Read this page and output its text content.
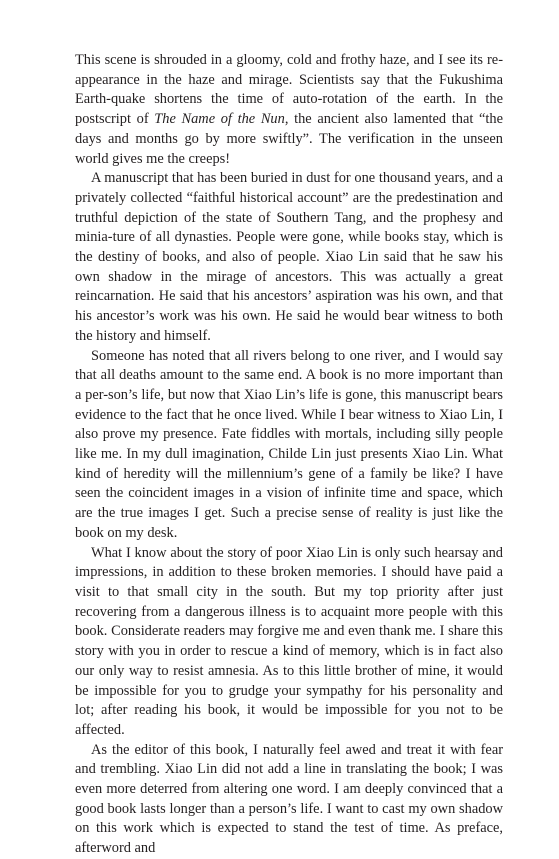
This scene is shrouded in a gloomy, cold and frothy haze, and I see its re-appearance in the haze and mirage. Scientists say that the Fukushima Earth-quake shortens the time of auto-rotation of the earth. In the postscript of The Name of the Nun, the ancient also lamented that “the days and months go by more swiftly”. The verification in the unseen world gives me the creeps!

A manuscript that has been buried in dust for one thousand years, and a privately collected “faithful historical account” are the predestination and truthful depiction of the state of Southern Tang, and the prophesy and minia-ture of all dynasties. People were gone, while books stay, which is the destiny of books, and also of people. Xiao Lin said that he saw his own shadow in the mirage of ancestors. This was actually a great reincarnation. He said that his ancestors’ aspiration was his own, and that his ancestor’s work was his own. He said he would bear witness to both the history and himself.

Someone has noted that all rivers belong to one river, and I would say that all deaths amount to the same end. A book is no more important than a per-son’s life, but now that Xiao Lin’s life is gone, this manuscript bears evidence to the fact that he once lived. While I bear witness to Xiao Lin, I also prove my presence. Fate fiddles with mortals, including silly people like me. In my dull imagination, Childe Lin just presents Xiao Lin. What kind of heredity will the millennium’s gene of a family be like? I have seen the coincident images in a vision of infinite time and space, which are the true images I get. Such a precise sense of reality is just like the book on my desk.

What I know about the story of poor Xiao Lin is only such hearsay and impressions, in addition to these broken memories. I should have paid a visit to that small city in the south. But my top priority after just recovering from a dangerous illness is to acquaint more people with this book. Considerate readers may forgive me and even thank me. I share this story with you in order to rescue a kind of memory, which is in fact also our only way to resist amnesia. As to this little brother of mine, it would be impossible for you to grudge your sympathy for his personality and lot; after reading his book, it would be impossible for you not to be affected.

As the editor of this book, I naturally feel awed and treat it with fear and trembling. Xiao Lin did not add a line in translating the book; I was even more deterred from altering one word. I am deeply convinced that a good book lasts longer than a person’s life. I want to cast my own shadow on this work which is expected to stand the test of time. As preface, afterword and
